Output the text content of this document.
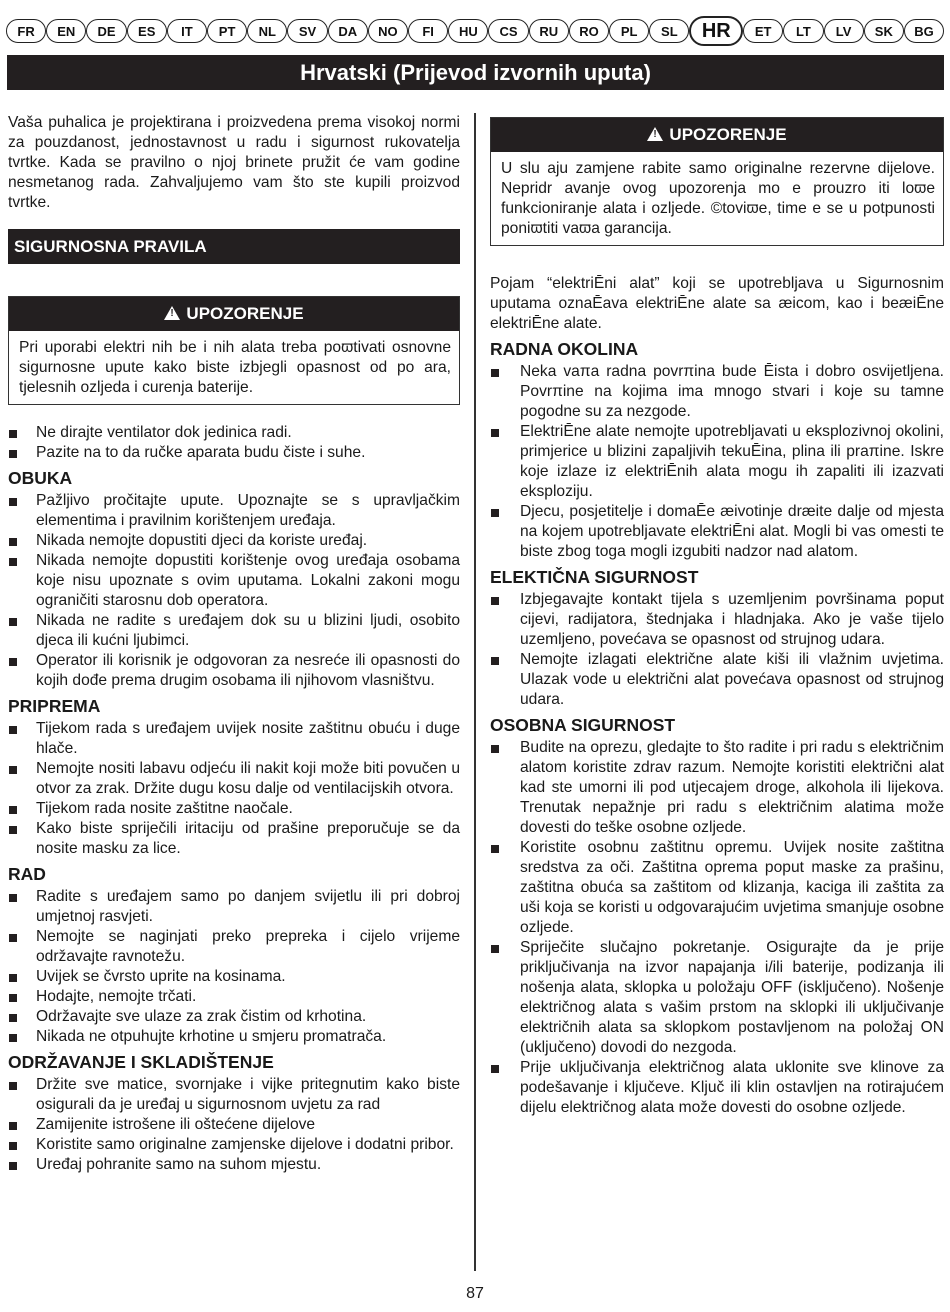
FR	EN	DE	ES	IT	PT	NL	SV	DA	NO	FI	HU	CS	RU	RO	PL	SL	HR	ET	LT	LV	SK	BG
Hrvatski (Prijevod izvornih uputa)

Vaša puhalica je projektirana i proizvedena prema visokoj normi za pouzdanost, jednostavnost u radu i sigurnost rukovatelja tvrtke. Kada se pravilno o njoj brinete pružit će vam godine nesmetanog rada. Zahvaljujemo vam što ste kupili proizvod tvrtke.

SIGURNOSNA PRAVILA
!
UPOZORENJE
Pri uporabi elektri nih be i nih alata treba poϖtivati osnovne sigurnosne upute kako biste izbjegli opasnost od po ara, tjelesnih ozljeda i curenja baterije.
Ne dirajte ventilator dok jedinica radi.
Pazite na to da ručke aparata budu čiste i suhe.
OBUKA
Pažljivo pročitajte upute. Upoznajte se s upravljačkim elementima i pravilnim korištenjem uređaja.
Nikada nemojte dopustiti djeci da koriste uređaj.
Nikada nemojte dopustiti korištenje ovog uređaja osobama koje nisu upoznate s ovim uputama. Lokalni zakoni mogu ograničiti starosnu dob operatora.
Nikada ne radite s uređajem dok su u blizini ljudi, osobito djeca ili kućni ljubimci.
Operator ili korisnik je odgovoran za nesreće ili opasnosti do kojih dođe prema drugim osobama ili njihovom vlasništvu.
PRIPREMA
Tijekom rada s uređajem uvijek nosite zaštitnu obuću i duge hlače.
Nemojte nositi labavu odjeću ili nakit koji može biti povučen u otvor za zrak. Držite dugu kosu dalje od ventilacijskih otvora.
Tijekom rada nosite zaštitne naočale.
Kako biste spriječili iritaciju od prašine preporučuje se da nosite masku za lice.
RAD
Radite s uređajem samo po danjem svijetlu ili pri dobroj umjetnoj rasvjeti.
Nemojte se naginjati preko prepreka i cijelo vrijeme održavajte ravnotežu.
Uvijek se čvrsto uprite na kosinama.
Hodajte, nemojte trčati.
Održavajte sve ulaze za zrak čistim od krhotina.
Nikada ne otpuhujte krhotine u smjeru promatrača.
ODRŽAVANJE I SKLADIŠTENJE
Držite sve matice, svornjake i vijke pritegnutim kako biste osigurali da je uređaj u sigurnosnom uvjetu za rad
Zamijenite istrošene ili oštećene dijelove
Koristite samo originalne zamjenske dijelove i dodatni pribor.
Uređaj pohranite samo na suhom mjestu.
!
UPOZORENJE
U slu aju zamjene rabite samo originalne rezervne dijelove. Nepridr avanje ovog upozorenja mo e prouzro iti loϖe funkcioniranje alata i ozljede. ©toviϖe, time e se u potpunosti poniϖtiti vaϖa garancija.

Pojam “elektriĒni alat” koji se upotrebljava u Sigurnosnim uputama oznaĒava elektriĒne alate sa æicom, kao i beæiĒne elektriĒne alate.

RADNA OKOLINA
Neka vaπa radna povrπina bude Ēista i dobro osvijetljena. Povrπine na kojima ima mnogo stvari i koje su tamne pogodne su za nezgode.
ElektriĒne alate nemojte upotrebljavati u eksplozivnoj okolini, primjerice u blizini zapaljivih tekuĒina, plina ili praπine. Iskre koje izlaze iz elektriĒnih alata mogu ih zapaliti ili izazvati eksploziju.
Djecu, posjetitelje i domaĒe æivotinje dræite dalje od mjesta na kojem upotrebljavate elektriĒni alat. Mogli bi vas omesti te biste zbog toga mogli izgubiti nadzor nad alatom.
ELEKTIČNA SIGURNOST
Izbjegavajte kontakt tijela s uzemljenim površinama poput cijevi, radijatora, štednjaka i hladnjaka. Ako je vaše tijelo uzemljeno, povećava se opasnost od strujnog udara.
Nemojte izlagati električne alate kiši ili vlažnim uvjetima. Ulazak vode u električni alat povećava opasnost od strujnog udara.
OSOBNA SIGURNOST
Budite na oprezu, gledajte to što radite i pri radu s električnim alatom koristite zdrav razum. Nemojte koristiti električni alat kad ste umorni ili pod utjecajem droge, alkohola ili lijekova. Trenutak nepažnje pri radu s električnim alatima može dovesti do teške osobne ozljede.
Koristite osobnu zaštitnu opremu. Uvijek nosite zaštitna sredstva za oči. Zaštitna oprema poput maske za prašinu, zaštitna obuća sa zaštitom od klizanja, kaciga ili zaštita za uši koja se koristi u odgovarajućim uvjetima smanjuje osobne ozljede.
Spriječite slučajno pokretanje. Osigurajte da je prije priključivanja na izvor napajanja i/ili baterije, podizanja ili nošenja alata, sklopka u položaju OFF (isključeno). Nošenje električnog alata s vašim prstom na sklopki ili uključivanje električnih alata sa sklopkom postavljenom na položaj ON (uključeno) dovodi do nezgoda.
Prije uključivanja električnog alata uklonite sve klinove za podešavanje i ključeve. Ključ ili klin ostavljen na rotirajućem dijelu električnog alata može dovesti do osobne ozljede.
87
